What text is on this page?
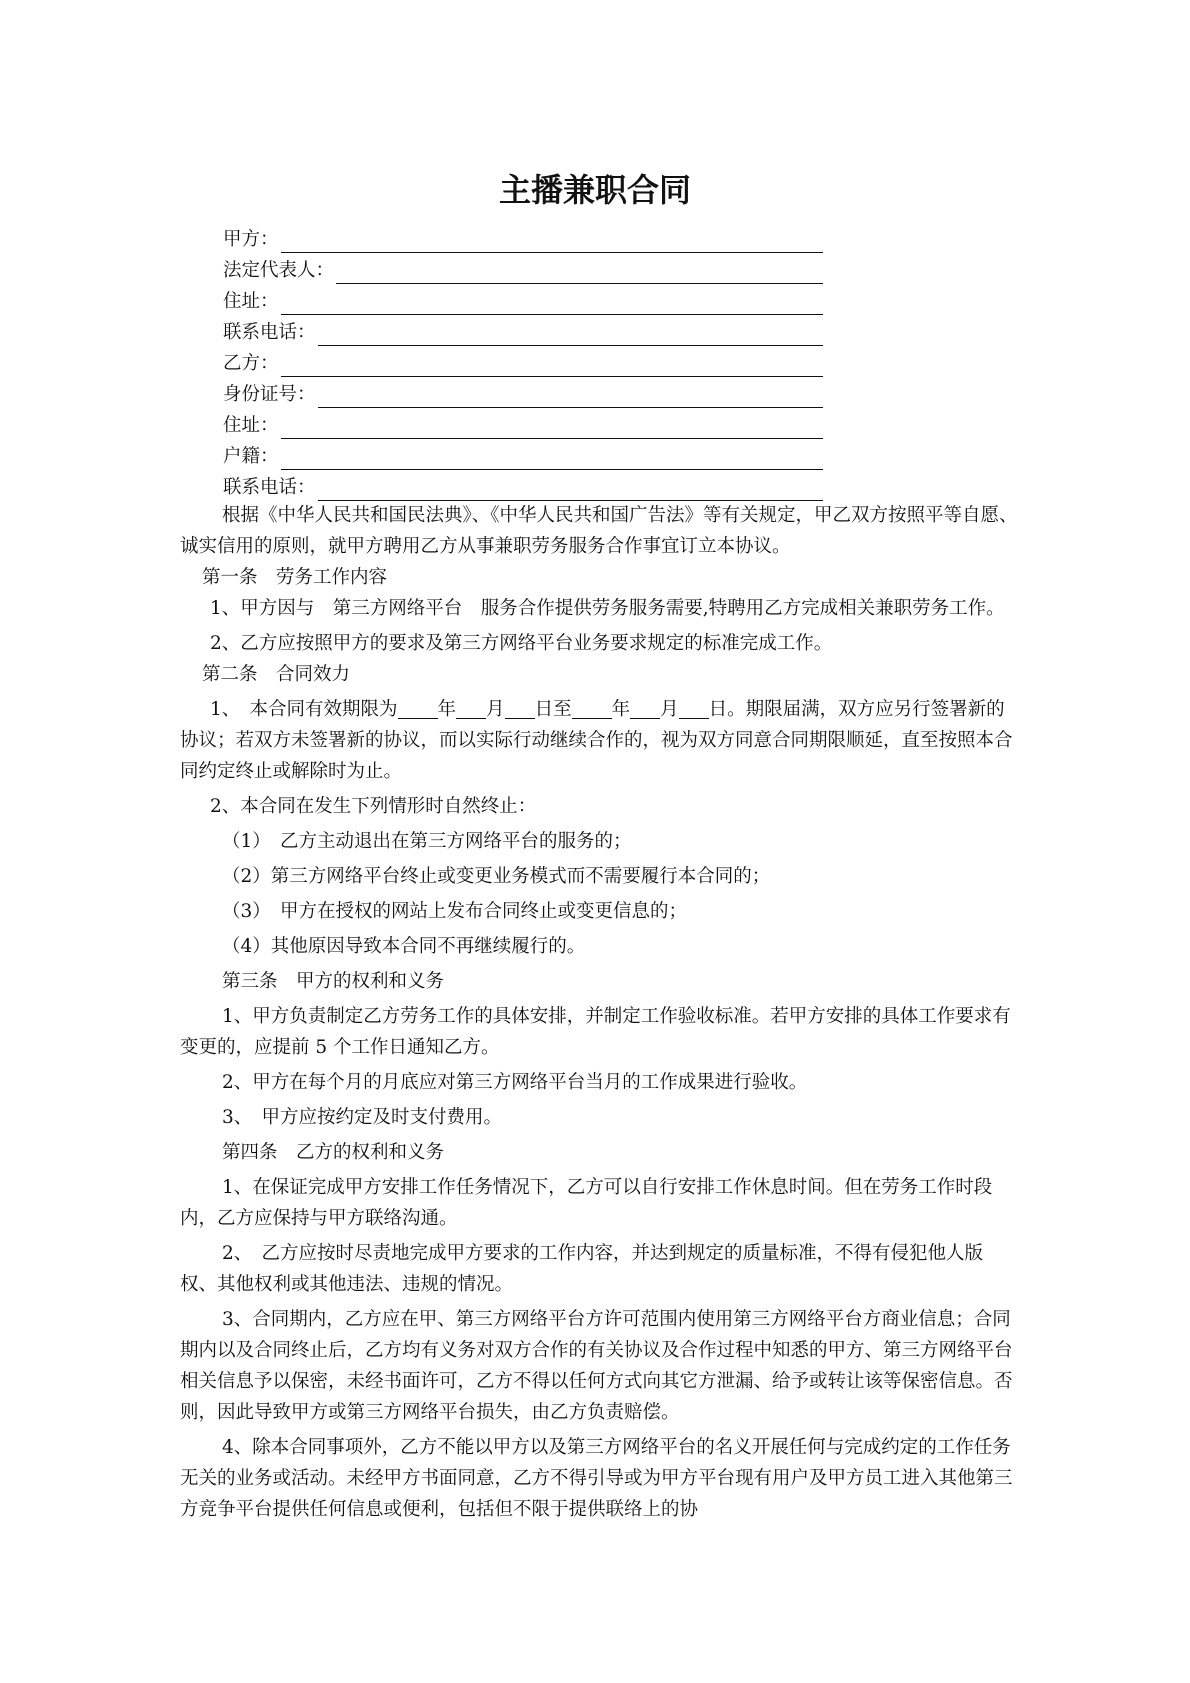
主播兼职合同
甲方：
法定代表人：
住址：
联系电话：
乙方：
身份证号：
住址：
户籍：
联系电话：

根据《中华人民共和国民法典》、《中华人民共和国广告法》等有关规定，甲乙双方按照平等自愿、诚实信用的原则，就甲方聘用乙方从事兼职劳务服务合作事宜订立本协议。

第一条　劳务工作内容

1、甲方因与　第三方网络平台　服务合作提供劳务服务需要,特聘用乙方完成相关兼职劳务工作。

2、乙方应按照甲方的要求及第三方网络平台业务要求规定的标准完成工作。

第二条　合同效力

1、　本合同有效期限为 年 月 日至 年 月 日。期限届满，双方应另行签署新的协议；若双方未签署新的协议，而以实际行动继续合作的，视为双方同意合同期限顺延，直至按照本合同约定终止或解除时为止。

2、本合同在发生下列情形时自然终止：

（1）　乙方主动退出在第三方网络平台的服务的；

（2）第三方网络平台终止或变更业务模式而不需要履行本合同的；

（3）　甲方在授权的网站上发布合同终止或变更信息的；

（4）其他原因导致本合同不再继续履行的。

第三条　甲方的权利和义务

1、甲方负责制定乙方劳务工作的具体安排，并制定工作验收标准。若甲方安排的具体工作要求有变更的，应提前 5 个工作日通知乙方。

2、甲方在每个月的月底应对第三方网络平台当月的工作成果进行验收。

3、　甲方应按约定及时支付费用。

第四条　乙方的权利和义务

1、在保证完成甲方安排工作任务情况下，乙方可以自行安排工作休息时间。但在劳务工作时段内，乙方应保持与甲方联络沟通。

2、　乙方应按时尽责地完成甲方要求的工作内容，并达到规定的质量标准，不得有侵犯他人版权、其他权利或其他违法、违规的情况。

3、合同期内，乙方应在甲、第三方网络平台方许可范围内使用第三方网络平台方商业信息；合同期内以及合同终止后，乙方均有义务对双方合作的有关协议及合作过程中知悉的甲方、第三方网络平台相关信息予以保密，未经书面许可，乙方不得以任何方式向其它方泄漏、给予或转让该等保密信息。否则，因此导致甲方或第三方网络平台损失，由乙方负责赔偿。

4、除本合同事项外，乙方不能以甲方以及第三方网络平台的名义开展任何与完成约定的工作任务无关的业务或活动。未经甲方书面同意，乙方不得引导或为甲方平台现有用户及甲方员工进入其他第三方竞争平台提供任何信息或便利，包括但不限于提供联络上的协
